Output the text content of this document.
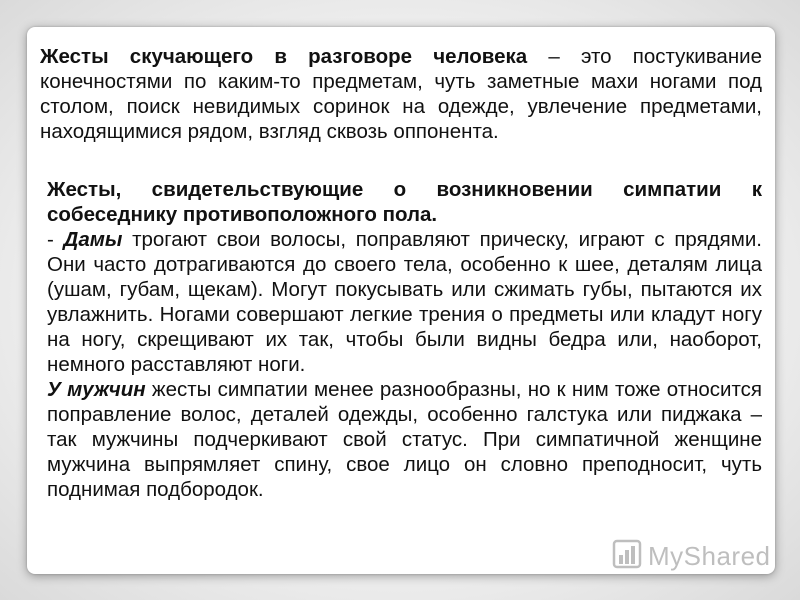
Жесты скучающего в разговоре человека – это постукивание конечностями по каким-то предметам, чуть заметные махи ногами под столом, поиск невидимых соринок на одежде, увлечение предметами, находящимися рядом, взгляд сквозь оппонента.

Жесты, свидетельствующие о возникновении симпатии к собеседнику противоположного пола.
- Дамы трогают свои волосы, поправляют прическу, играют с прядями. Они часто дотрагиваются до своего тела, особенно к шее, деталям лица (ушам, губам, щекам). Могут покусывать или сжимать губы, пытаются их увлажнить. Ногами совершают легкие трения о предметы или кладут ногу на ногу, скрещивают их так, чтобы были видны бедра или, наоборот, немного расставляют ноги.
У мужчин жесты симпатии менее разнообразны, но к ним тоже относится поправление волос, деталей одежды, особенно галстука или пиджака – так мужчины подчеркивают свой статус. При симпатичной женщине мужчина выпрямляет спину, свое лицо он словно преподносит, чуть поднимая подбородок.
MyShared
